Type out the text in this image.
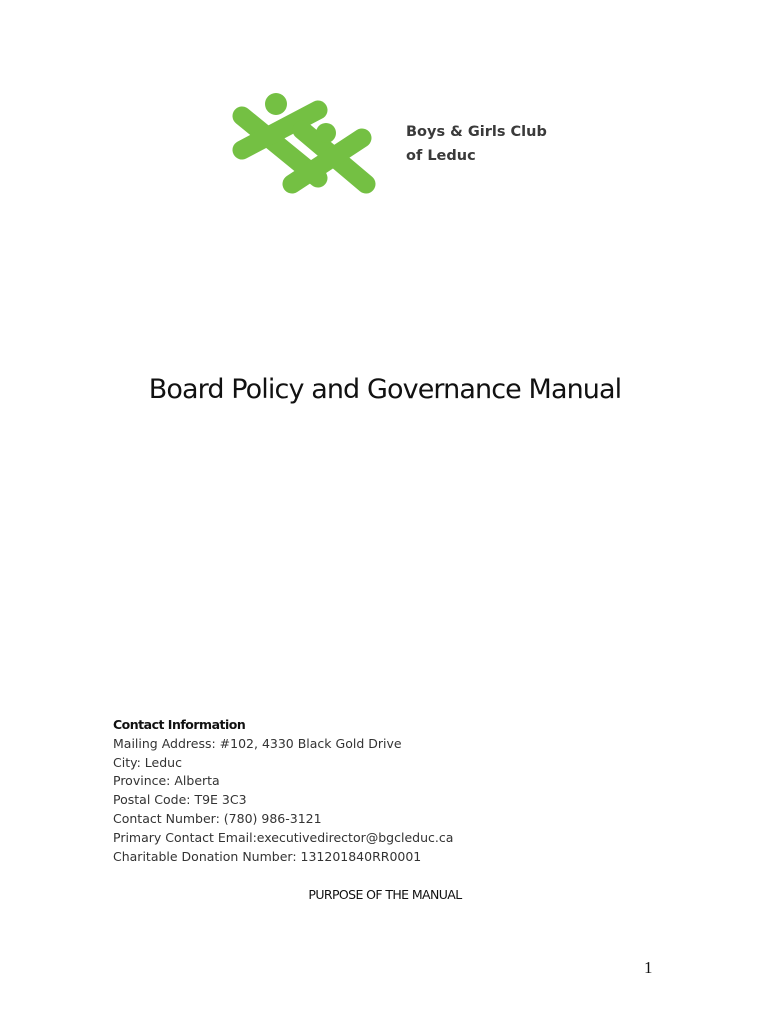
Boys & Girls Club
of Leduc
Board Policy and Governance Manual
Contact Information
Mailing Address: #102, 4330 Black Gold Drive
City: Leduc
Province: Alberta
Postal Code: T9E 3C3
Contact Number: (780) 986-3121
Primary Contact Email:executivedirector@bgcleduc.ca
Charitable Donation Number: 131201840RR0001
PURPOSE OF THE MANUAL
1
